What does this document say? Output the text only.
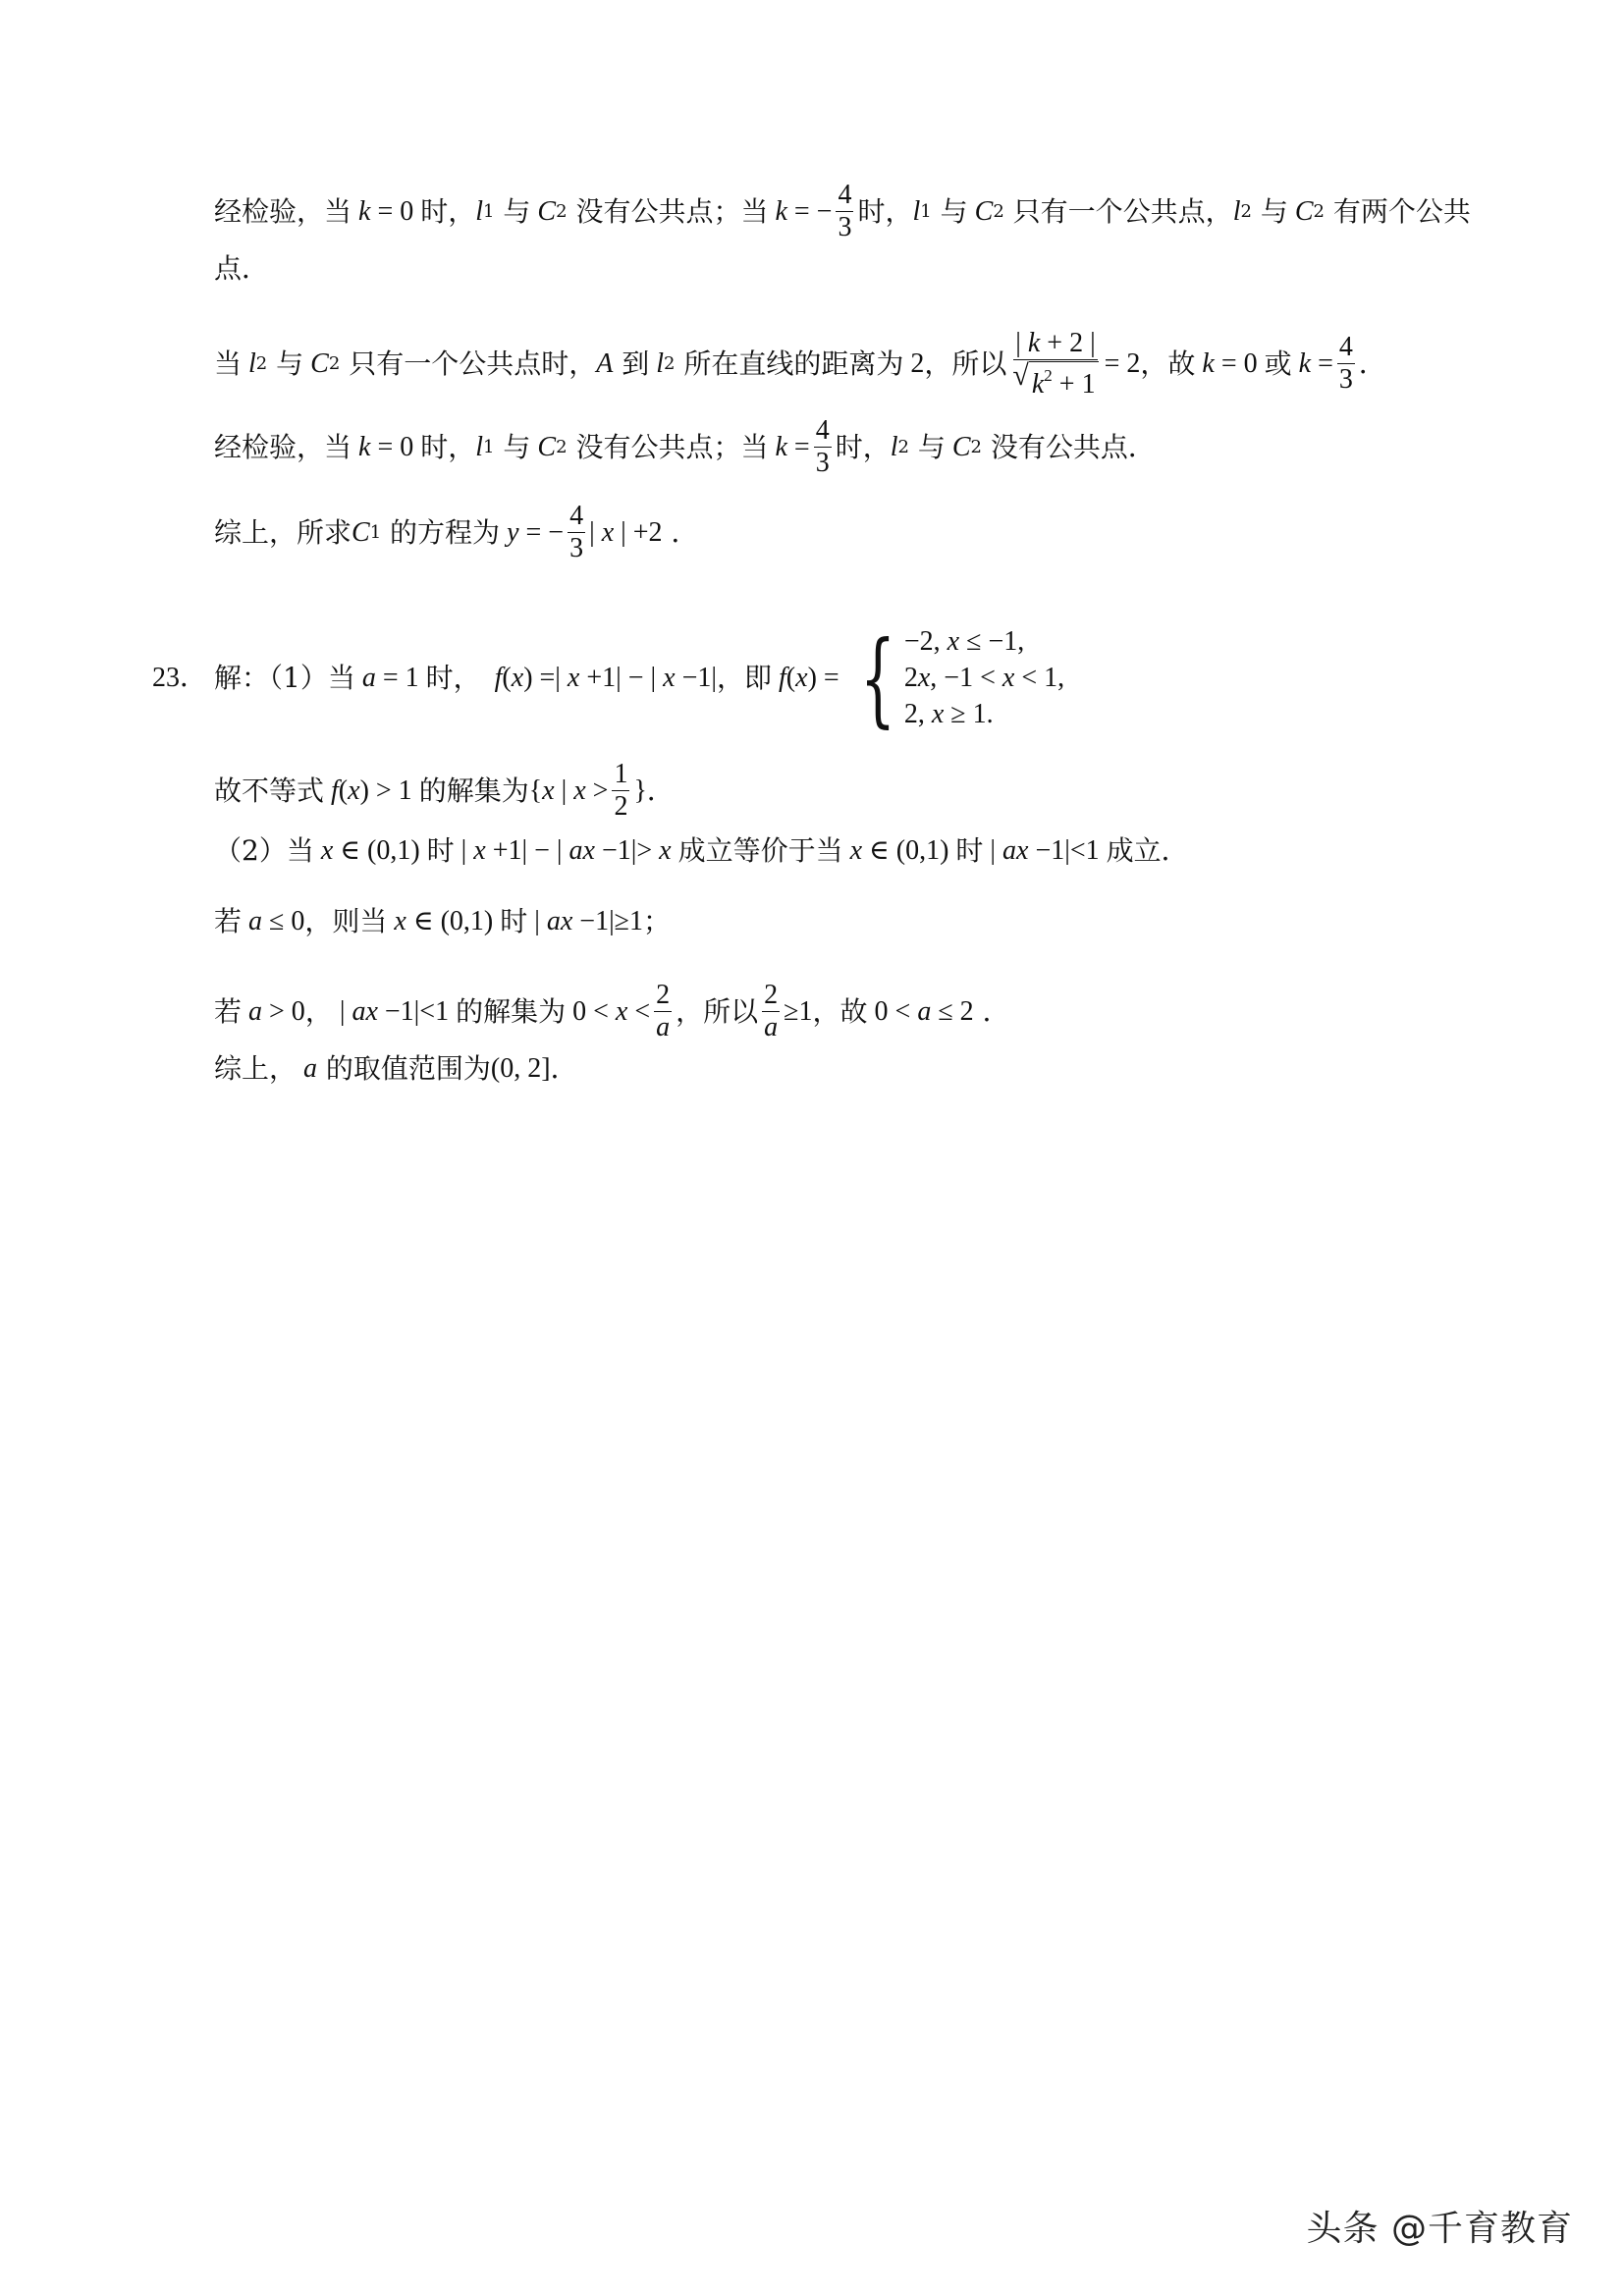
经检验，当 k = 0 时， l 1 与 C 2 没有公共点；当 k = − $\frac{4}{3}$ 时， l 1 与 C 2 只有一个公共点， l 2 与 C 2 有两个公共
点．
当 l 2 与 C 2 只有一个公共点时， A 到 l 2 所在直线的距离为 2 ，所以 $\frac{| k + 2 |}{√ k^2 + 1} = 2$ ，故 k = 0 或 $k = \frac{4}{3}$ ．
经检验，当 k = 0 时， l 1 与 C 2 没有公共点；当 $k = \frac{4}{3}$ 时， l 2 与 C 2 没有公共点．
综上，所求 C 1 的方程为 y = − $\frac{4}{3}$ | x | +2 ．
23． 解：（1）当 a = 1 时， f(x) =| x +1| − | x −1| ，即 f(x) = { −2, x ≤ −1,
2x, −1 < x < 1,
2, x ≥ 1.
故不等式 f(x) > 1 的解集为 {x | $x > \frac{1}{2}$ } ．
（2）当 x ∈ (0,1) 时 | x +1| − | ax −1|> x 成立等价于当 x ∈ (0,1) 时 | ax −1|<1 成立．
若 a ≤ 0 ，则当 x ∈ (0,1) 时 | ax −1|≥1 ；
若 a > 0 ， | ax −1|<1 的解集为 $0 < x < \frac{2}{a}$ ，所以 $\frac{2}{a} \ge 1$ ，故 0 < a ≤ 2 ．
综上， a 的取值范围为 (0, 2] ．
头条 @千育教育
